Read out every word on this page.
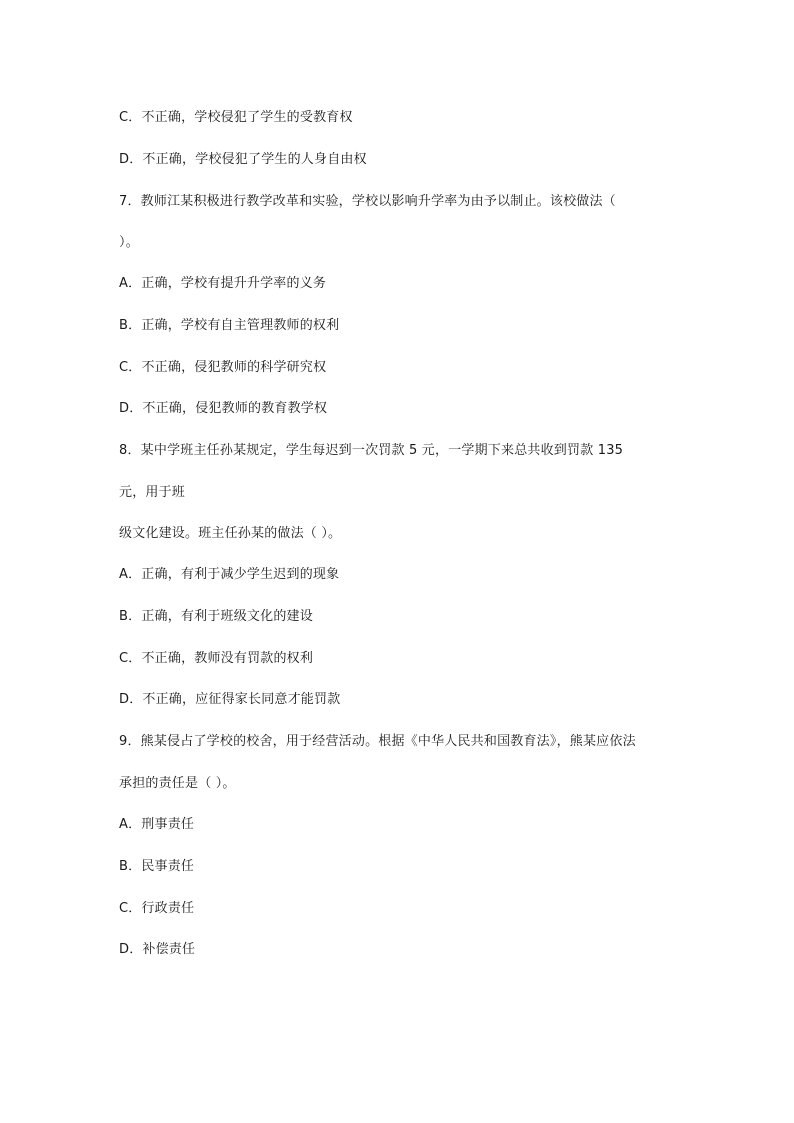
C．不正确，学校侵犯了学生的受教育权
D．不正确，学校侵犯了学生的人身自由权
7．教师江某积极进行教学改革和实验，学校以影响升学率为由予以制止。该校做法（
）。
A．正确，学校有提升升学率的义务
B．正确，学校有自主管理教师的权利
C．不正确，侵犯教师的科学研究权
D．不正确，侵犯教师的教育教学权
8．某中学班主任孙某规定，学生每迟到一次罚款 5 元，一学期下来总共收到罚款 135
元，用于班
级文化建设。班主任孙某的做法（ ）。
A．正确，有利于减少学生迟到的现象
B．正确，有利于班级文化的建设
C．不正确，教师没有罚款的权利
D．不正确，应征得家长同意才能罚款
9．熊某侵占了学校的校舍，用于经营活动。根据《中华人民共和国教育法》，熊某应依法
承担的责任是（ ）。
A．刑事责任
B．民事责任
C．行政责任
D．补偿责任
